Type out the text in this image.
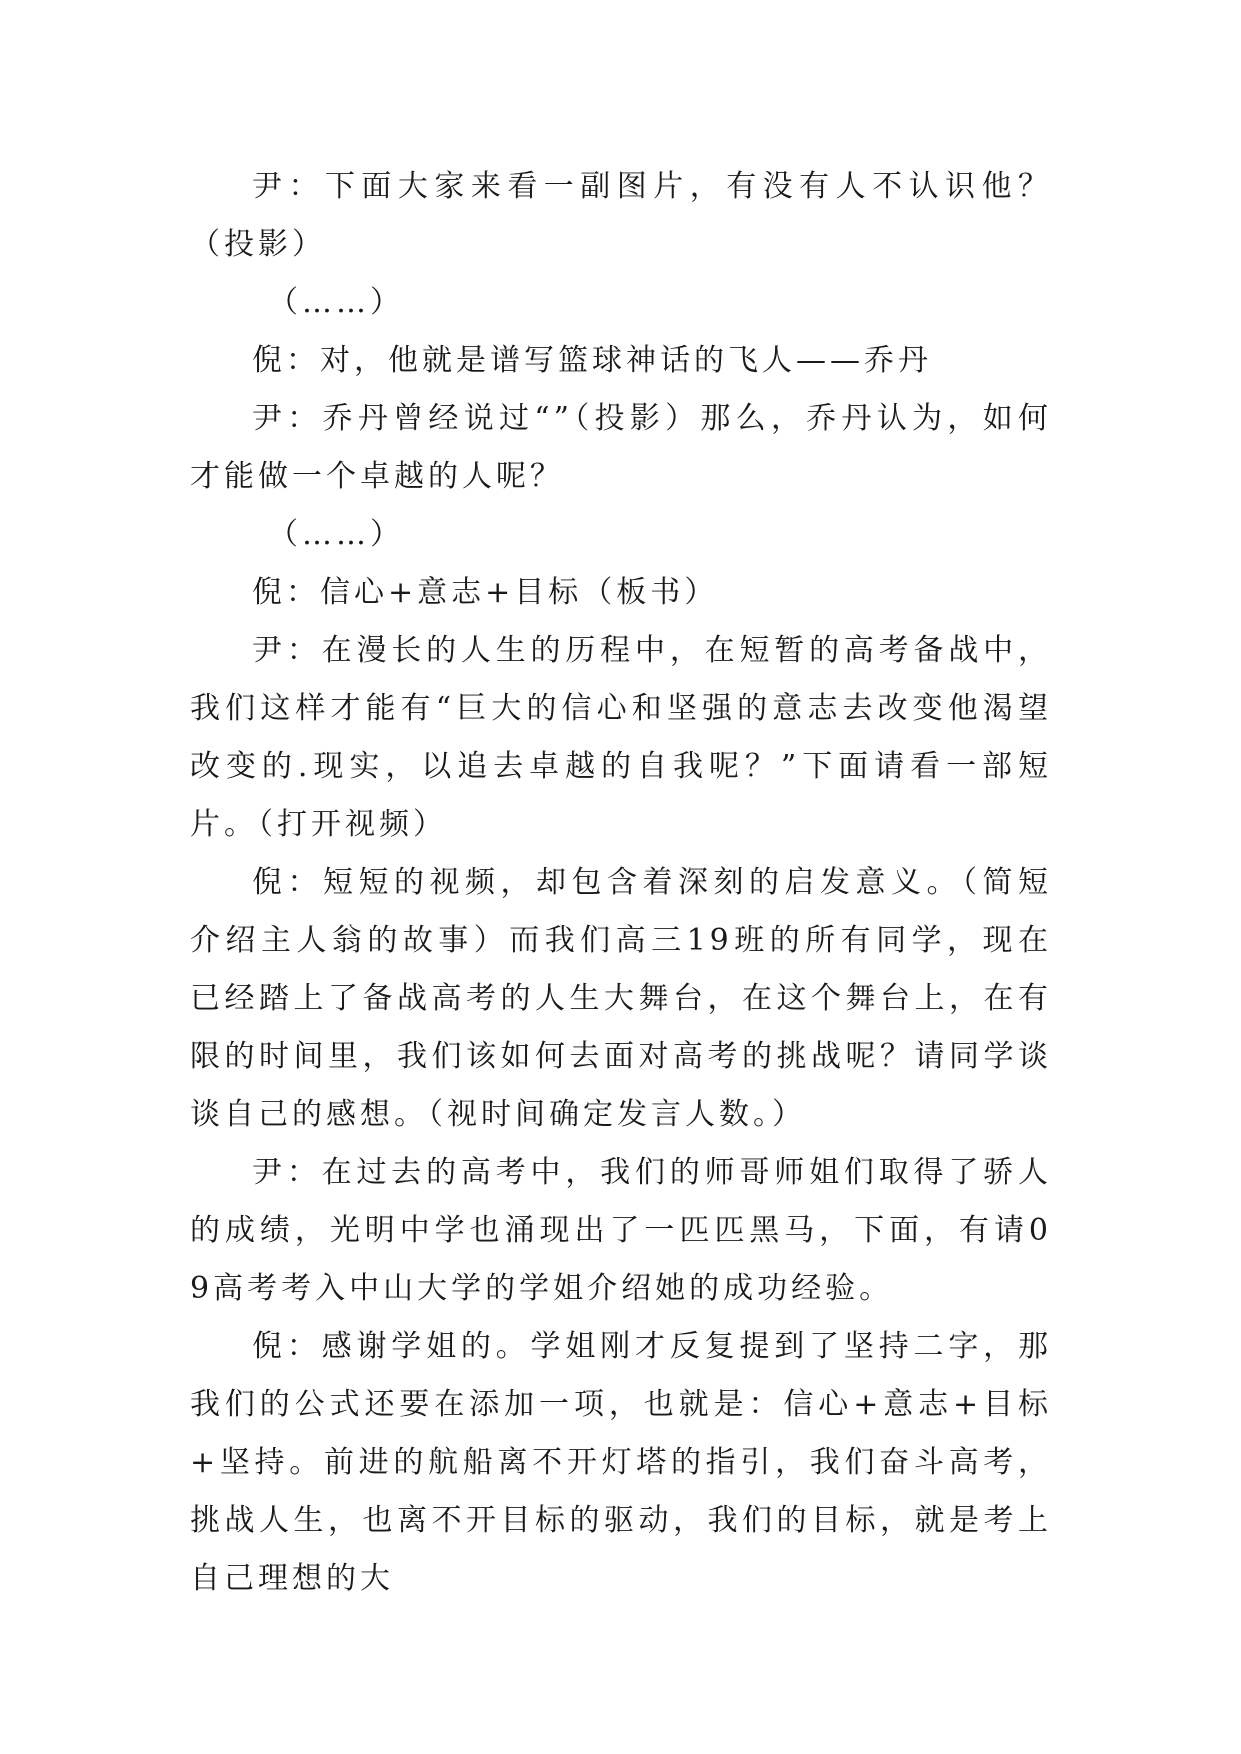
尹：下面大家来看一副图片，有没有人不认识他？（投影）

（……）

倪：对，他就是谱写篮球神话的飞人——乔丹

尹：乔丹曾经说过“”（投影）那么，乔丹认为，如何才能做一个卓越的人呢？

（……）

倪：信心+意志+目标（板书）

尹：在漫长的人生的历程中，在短暂的高考备战中，我们这样才能有“巨大的信心和坚强的意志去改变他渴望改变的.现实，以追去卓越的自我呢？”下面请看一部短片。（打开视频）

倪：短短的视频，却包含着深刻的启发意义。（简短介绍主人翁的故事）而我们高三19班的所有同学，现在已经踏上了备战高考的人生大舞台，在这个舞台上，在有限的时间里，我们该如何去面对高考的挑战呢？请同学谈谈自己的感想。（视时间确定发言人数。）

尹：在过去的高考中，我们的师哥师姐们取得了骄人的成绩，光明中学也涌现出了一匹匹黑马，下面，有请09高考考入中山大学的学姐介绍她的成功经验。

倪：感谢学姐的。学姐刚才反复提到了坚持二字，那我们的公式还要在添加一项，也就是：信心+意志+目标+坚持。前进的航船离不开灯塔的指引，我们奋斗高考，挑战人生，也离不开目标的驱动，我们的目标，就是考上自己理想的大
